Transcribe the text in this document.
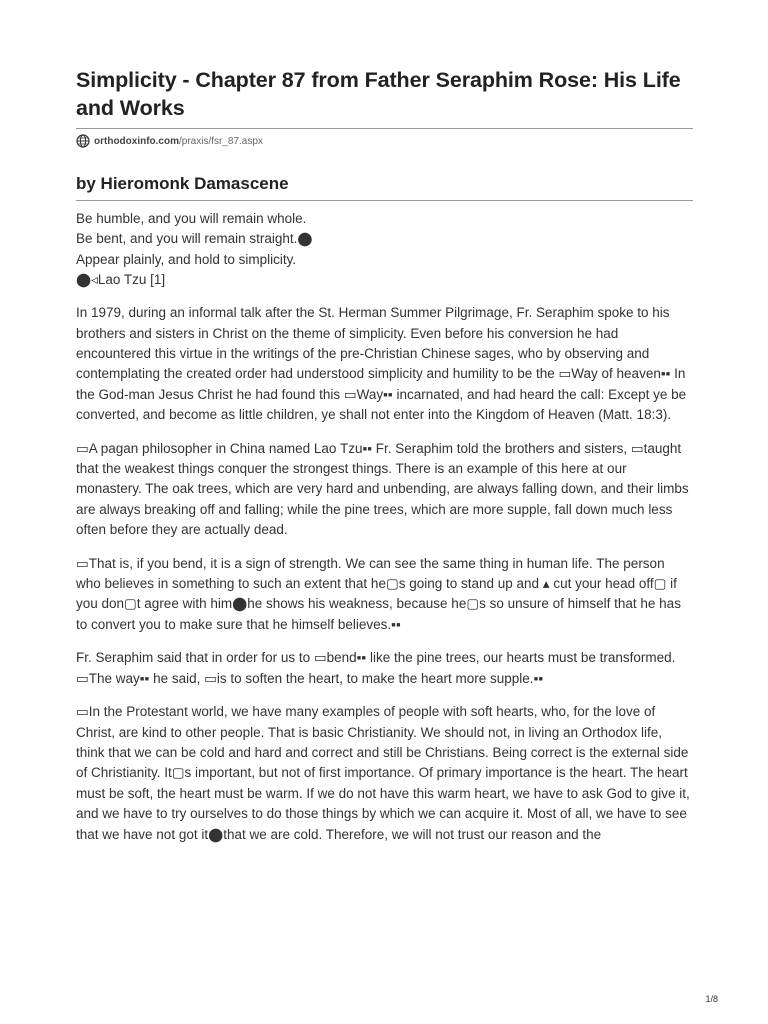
Simplicity - Chapter 87 from Father Seraphim Rose: His Life and Works
orthodoxinfo.com /praxis/fsr_87.aspx
by Hieromonk Damascene
Be humble, and you will remain whole.
Be bent, and you will remain straight.⬤
Appear plainly, and hold to simplicity.
⬤◃Lao Tzu [1]

In 1979, during an informal talk after the St. Herman Summer Pilgrimage, Fr. Seraphim spoke to his brothers and sisters in Christ on the theme of simplicity. Even before his conversion he had encountered this virtue in the writings of the pre-Christian Chinese sages, who by observing and contemplating the created order had understood simplicity and humility to be the ▭Way of heaven▪▪ In the God-man Jesus Christ he had found this ▭Way▪▪ incarnated, and had heard the call: Except ye be converted, and become as little children, ye shall not enter into the Kingdom of Heaven (Matt. 18:3).

▭A pagan philosopher in China named Lao Tzu▪▪ Fr. Seraphim told the brothers and sisters, ▭taught that the weakest things conquer the strongest things. There is an example of this here at our monastery. The oak trees, which are very hard and unbending, are always falling down, and their limbs are always breaking off and falling; while the pine trees, which are more supple, fall down much less often before they are actually dead.

▭That is, if you bend, it is a sign of strength. We can see the same thing in human life. The person who believes in something to such an extent that he▢s going to stand up and ▴ cut your head off▢ if you don▢t agree with him⬤he shows his weakness, because he▢s so unsure of himself that he has to convert you to make sure that he himself believes.▪▪

Fr. Seraphim said that in order for us to ▭bend▪▪ like the pine trees, our hearts must be transformed. ▭The way▪▪ he said, ▭is to soften the heart, to make the heart more supple.▪▪

▭In the Protestant world, we have many examples of people with soft hearts, who, for the love of Christ, are kind to other people. That is basic Christianity. We should not, in living an Orthodox life, think that we can be cold and hard and correct and still be Christians. Being correct is the external side of Christianity. It▢s important, but not of first importance. Of primary importance is the heart. The heart must be soft, the heart must be warm. If we do not have this warm heart, we have to ask God to give it, and we have to try ourselves to do those things by which we can acquire it. Most of all, we have to see that we have not got it⬤that we are cold. Therefore, we will not trust our reason and the

1/8
